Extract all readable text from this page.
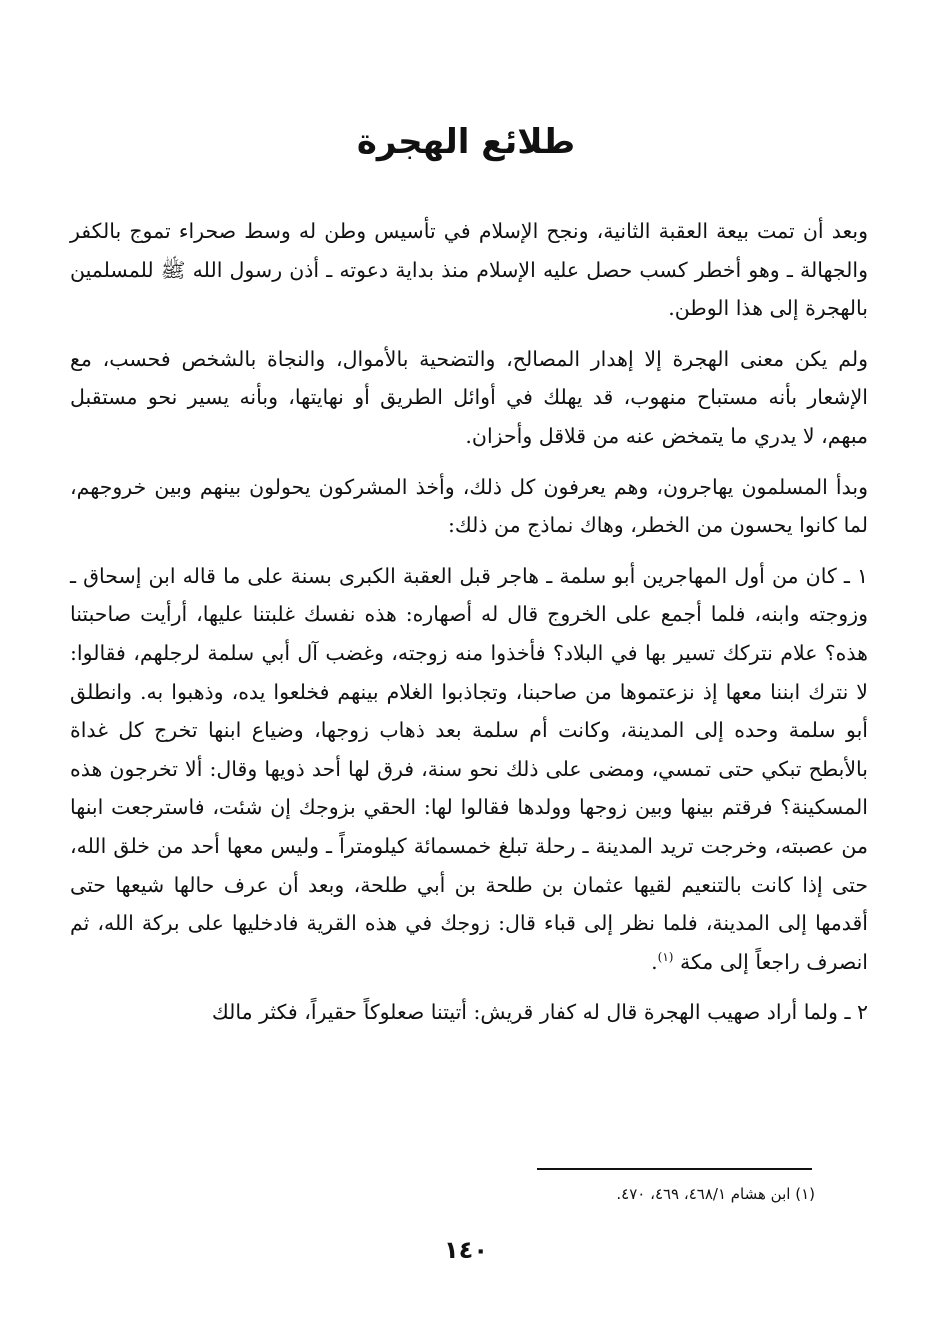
طلائع الهجرة

وبعد أن تمت بيعة العقبة الثانية، ونجح الإسلام في تأسيس وطن له وسط صحراء تموج بالكفر والجهالة ـ وهو أخطر كسب حصل عليه الإسلام منذ بداية دعوته ـ أذن رسول الله ﷺ للمسلمين بالهجرة إلى هذا الوطن.

ولم يكن معنى الهجرة إلا إهدار المصالح، والتضحية بالأموال، والنجاة بالشخص فحسب، مع الإشعار بأنه مستباح منهوب، قد يهلك في أوائل الطريق أو نهايتها، وبأنه يسير نحو مستقبل مبهم، لا يدري ما يتمخض عنه من قلاقل وأحزان.

وبدأ المسلمون يهاجرون، وهم يعرفون كل ذلك، وأخذ المشركون يحولون بينهم وبين خروجهم، لما كانوا يحسون من الخطر، وهاك نماذج من ذلك:

١ ـ كان من أول المهاجرين أبو سلمة ـ هاجر قبل العقبة الكبرى بسنة على ما قاله ابن إسحاق ـ وزوجته وابنه، فلما أجمع على الخروج قال له أصهاره: هذه نفسك غلبتنا عليها، أرأيت صاحبتنا هذه؟ علام نتركك تسير بها في البلاد؟ فأخذوا منه زوجته، وغضب آل أبي سلمة لرجلهم، فقالوا: لا نترك ابننا معها إذ نزعتموها من صاحبنا، وتجاذبوا الغلام بينهم فخلعوا يده، وذهبوا به. وانطلق أبو سلمة وحده إلى المدينة، وكانت أم سلمة بعد ذهاب زوجها، وضياع ابنها تخرج كل غداة بالأبطح تبكي حتى تمسي، ومضى على ذلك نحو سنة، فرق لها أحد ذويها وقال: ألا تخرجون هذه المسكينة؟ فرقتم بينها وبين زوجها وولدها فقالوا لها: الحقي بزوجك إن شئت، فاسترجعت ابنها من عصبته، وخرجت تريد المدينة ـ رحلة تبلغ خمسمائة كيلومتراً ـ وليس معها أحد من خلق الله، حتى إذا كانت بالتنعيم لقيها عثمان بن طلحة بن أبي طلحة، وبعد أن عرف حالها شيعها حتى أقدمها إلى المدينة، فلما نظر إلى قباء قال: زوجك في هذه القرية فادخليها على بركة الله، ثم انصرف راجعاً إلى مكة $^{(١)}$.

٢ ـ ولما أراد صهيب الهجرة قال له كفار قريش: أتيتنا صعلوكاً حقيراً، فكثر مالك

(١) ابن هشام ٤٦٨/١، ٤٦٩، ٤٧٠.
١٤٠
